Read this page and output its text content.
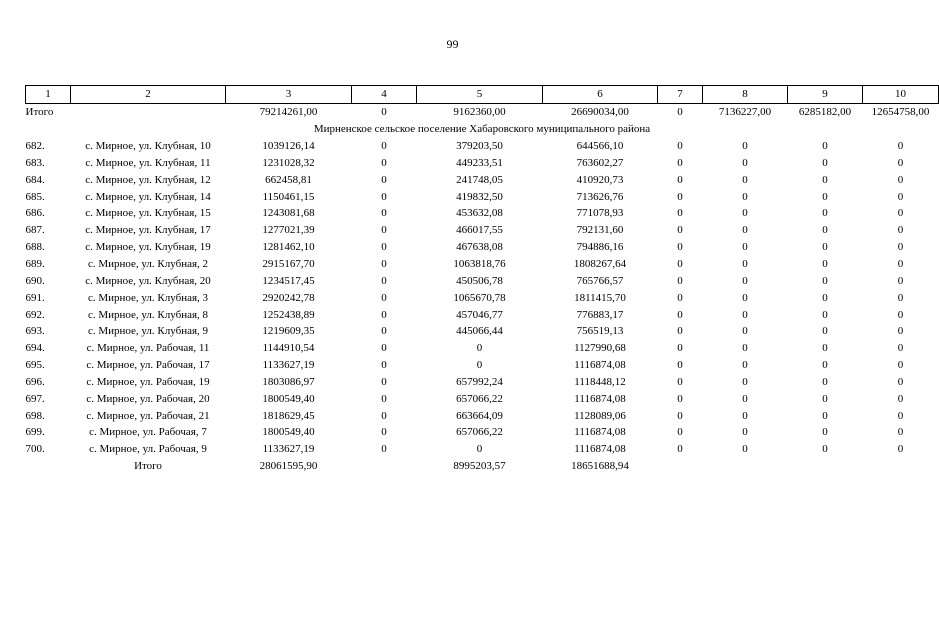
99
1	2	3	4	5	6	7	8	9	10
Итого		79214261,00	0	9162360,00	26690034,00	0	7136227,00	6285182,00	12654758,00
Мирненское сельское поселение Хабаровского муниципального района									
682.	с. Мирное, ул. Клубная, 10	1039126,14	0	379203,50	644566,10	0	0	0	0
683.	с. Мирное, ул. Клубная, 11	1231028,32	0	449233,51	763602,27	0	0	0	0
684.	с. Мирное, ул. Клубная, 12	662458,81	0	241748,05	410920,73	0	0	0	0
685.	с. Мирное, ул. Клубная, 14	1150461,15	0	419832,50	713626,76	0	0	0	0
686.	с. Мирное, ул. Клубная, 15	1243081,68	0	453632,08	771078,93	0	0	0	0
687.	с. Мирное, ул. Клубная, 17	1277021,39	0	466017,55	792131,60	0	0	0	0
688.	с. Мирное, ул. Клубная, 19	1281462,10	0	467638,08	794886,16	0	0	0	0
689.	с. Мирное, ул. Клубная, 2	2915167,70	0	1063818,76	1808267,64	0	0	0	0
690.	с. Мирное, ул. Клубная, 20	1234517,45	0	450506,78	765766,57	0	0	0	0
691.	с. Мирное, ул. Клубная, 3	2920242,78	0	1065670,78	1811415,70	0	0	0	0
692.	с. Мирное, ул. Клубная, 8	1252438,89	0	457046,77	776883,17	0	0	0	0
693.	с. Мирное, ул. Клубная, 9	1219609,35	0	445066,44	756519,13	0	0	0	0
694.	с. Мирное, ул. Рабочая, 11	1144910,54	0	0	1127990,68	0	0	0	0
695.	с. Мирное, ул. Рабочая, 17	1133627,19	0	0	1116874,08	0	0	0	0
696.	с. Мирное, ул. Рабочая, 19	1803086,97	0	657992,24	1118448,12	0	0	0	0
697.	с. Мирное, ул. Рабочая, 20	1800549,40	0	657066,22	1116874,08	0	0	0	0
698.	с. Мирное, ул. Рабочая, 21	1818629,45	0	663664,09	1128089,06	0	0	0	0
699.	с. Мирное, ул. Рабочая, 7	1800549,40	0	657066,22	1116874,08	0	0	0	0
700.	с. Мирное, ул. Рабочая, 9	1133627,19	0	0	1116874,08	0	0	0	0
	Итого	28061595,90		8995203,57	18651688,94				
